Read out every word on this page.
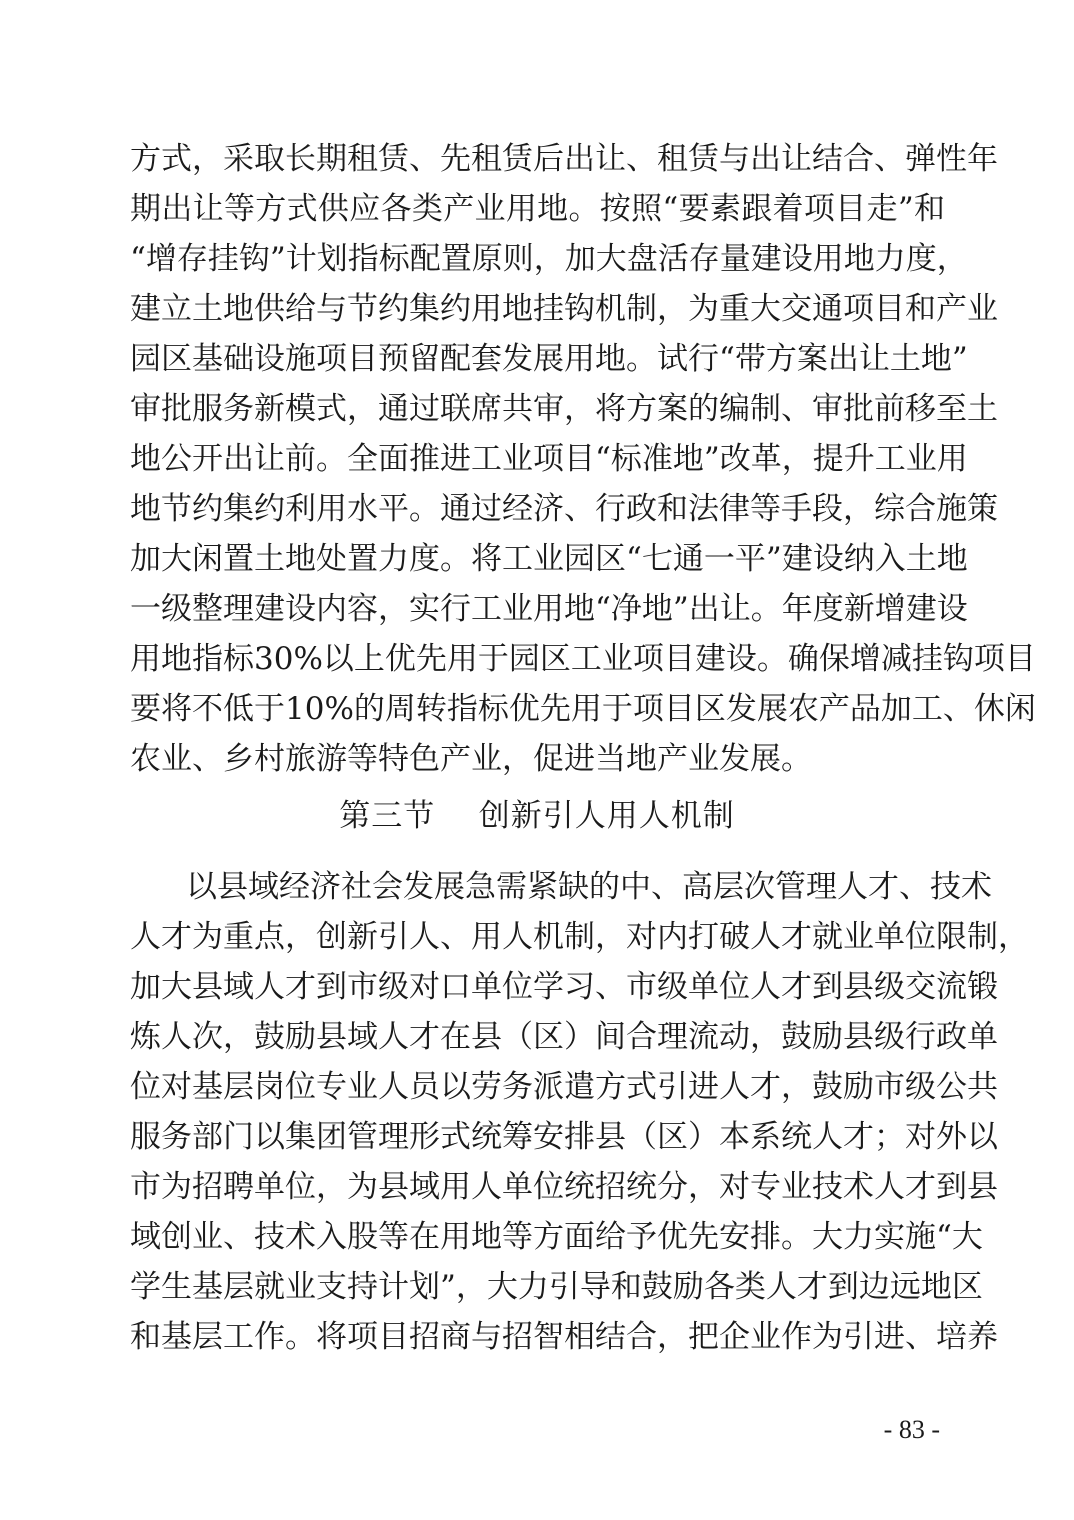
方式，采取长期租赁、先租赁后出让、租赁与出让结合、弹性年
期出让等方式供应各类产业用地。按照“要素跟着项目走”和
“增存挂钩”计划指标配置原则，加大盘活存量建设用地力度，
建立土地供给与节约集约用地挂钩机制，为重大交通项目和产业
园区基础设施项目预留配套发展用地。试行“带方案出让土地”
审批服务新模式，通过联席共审，将方案的编制、审批前移至土
地公开出让前。全面推进工业项目“标准地”改革，提升工业用
地节约集约利用水平。通过经济、行政和法律等手段，综合施策
加大闲置土地处置力度。将工业园区“七通一平”建设纳入土地
一级整理建设内容，实行工业用地“净地”出让。年度新增建设
用地指标30%以上优先用于园区工业项目建设。确保增减挂钩项目
要将不低于10%的周转指标优先用于项目区发展农产品加工、休闲
农业、乡村旅游等特色产业，促进当地产业发展。
第三节    创新引人用人机制
以县域经济社会发展急需紧缺的中、高层次管理人才、技术
人才为重点，创新引人、用人机制，对内打破人才就业单位限制，
加大县域人才到市级对口单位学习、市级单位人才到县级交流锻
炼人次，鼓励县域人才在县（区）间合理流动，鼓励县级行政单
位对基层岗位专业人员以劳务派遣方式引进人才，鼓励市级公共
服务部门以集团管理形式统筹安排县（区）本系统人才；对外以
市为招聘单位，为县域用人单位统招统分，对专业技术人才到县
域创业、技术入股等在用地等方面给予优先安排。大力实施“大
学生基层就业支持计划”，大力引导和鼓励各类人才到边远地区
和基层工作。将项目招商与招智相结合，把企业作为引进、培养
- 83 -
